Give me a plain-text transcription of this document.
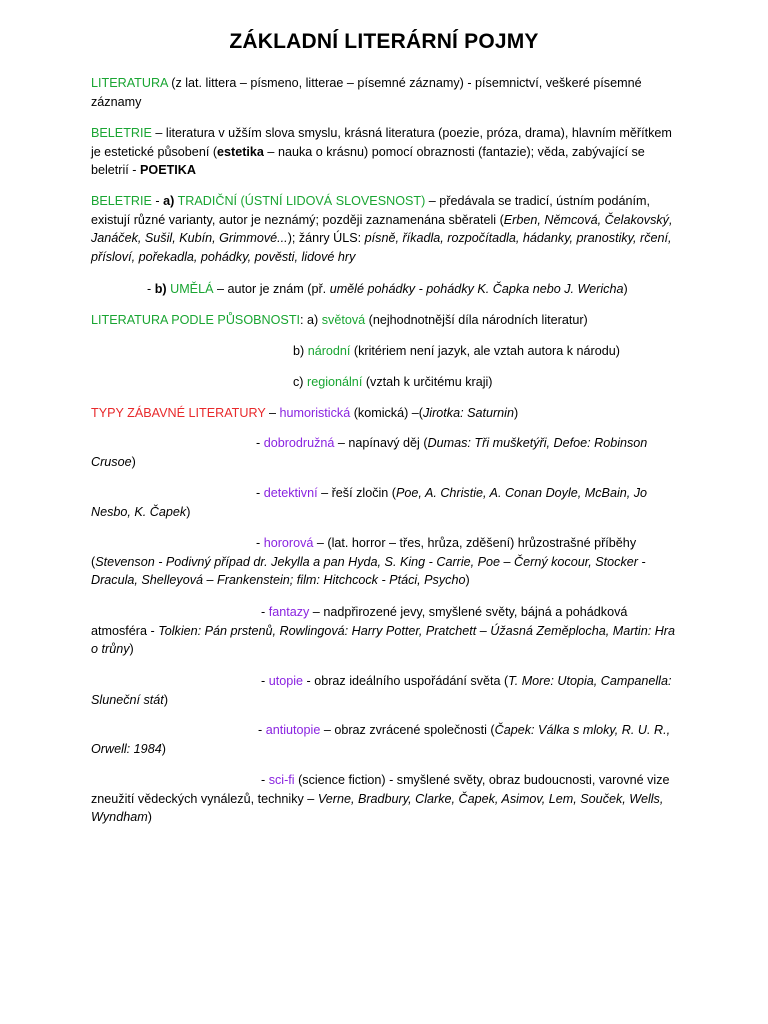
ZÁKLADNÍ LITERÁRNÍ POJMY

LITERATURA (z lat. littera – písmeno, litterae – písemné záznamy) - písemnictví, veškeré písemné záznamy

BELETRIE – literatura v užším slova smyslu, krásná literatura (poezie, próza, drama), hlavním měřítkem je estetické působení (estetika – nauka o krásnu) pomocí obraznosti (fantazie); věda, zabývající se beletrií - POETIKA

BELETRIE - a) TRADIČNÍ (ÚSTNÍ LIDOVÁ SLOVESNOST) – předávala se tradicí, ústním podáním, existují různé varianty, autor je neznámý; později zaznamenána sběrateli (Erben, Němcová, Čelakovský, Janáček, Sušil, Kubín, Grimmové...); žánry ÚLS: písně, říkadla, rozpočítadla, hádanky, pranostiky, rčení, přísloví, pořekadla, pohádky, pověsti, lidové hry

- b) UMĚLÁ – autor je znám (př. umělé pohádky - pohádky K. Čapka nebo J. Wericha)

LITERATURA PODLE PŮSOBNOSTI: a) světová (nejhodnotnější díla národních literatur)

b) národní (kritériem není jazyk, ale vztah autora k národu)

c) regionální (vztah k určitému kraji)

TYPY ZÁBAVNÉ LITERATURY – humoristická (komická) –(Jirotka: Saturnin)

- dobrodružná – napínavý děj (Dumas: Tři mušketýři, Defoe: Robinson Crusoe)

- detektivní – řeší zločin (Poe, A. Christie, A. Conan Doyle, McBain, Jo Nesbo, K. Čapek)

- hororová – (lat. horror – třes, hrůza, zděšení) hrůzostrašné příběhy (Stevenson - Podivný případ dr. Jekylla a pan Hyda, S. King - Carrie, Poe – Černý kocour, Stocker - Dracula, Shelleyová – Frankenstein; film: Hitchcock - Ptáci, Psycho)

- fantazy – nadpřirozené jevy, smyšlené světy, bájná a pohádková atmosféra - Tolkien: Pán prstenů, Rowlingová: Harry Potter, Pratchett – Úžasná Zeměplocha, Martin: Hra o trůny)

- utopie - obraz ideálního uspořádání světa (T. More: Utopia, Campanella: Sluneční stát)

- antiutopie – obraz zvrácené společnosti (Čapek: Válka s mloky, R. U. R., Orwell: 1984)

- sci-fi (science fiction) - smyšlené světy, obraz budoucnosti, varovné vize zneužití vědeckých vynálezů, techniky – Verne, Bradbury, Clarke, Čapek, Asimov, Lem, Souček, Wells, Wyndham)
